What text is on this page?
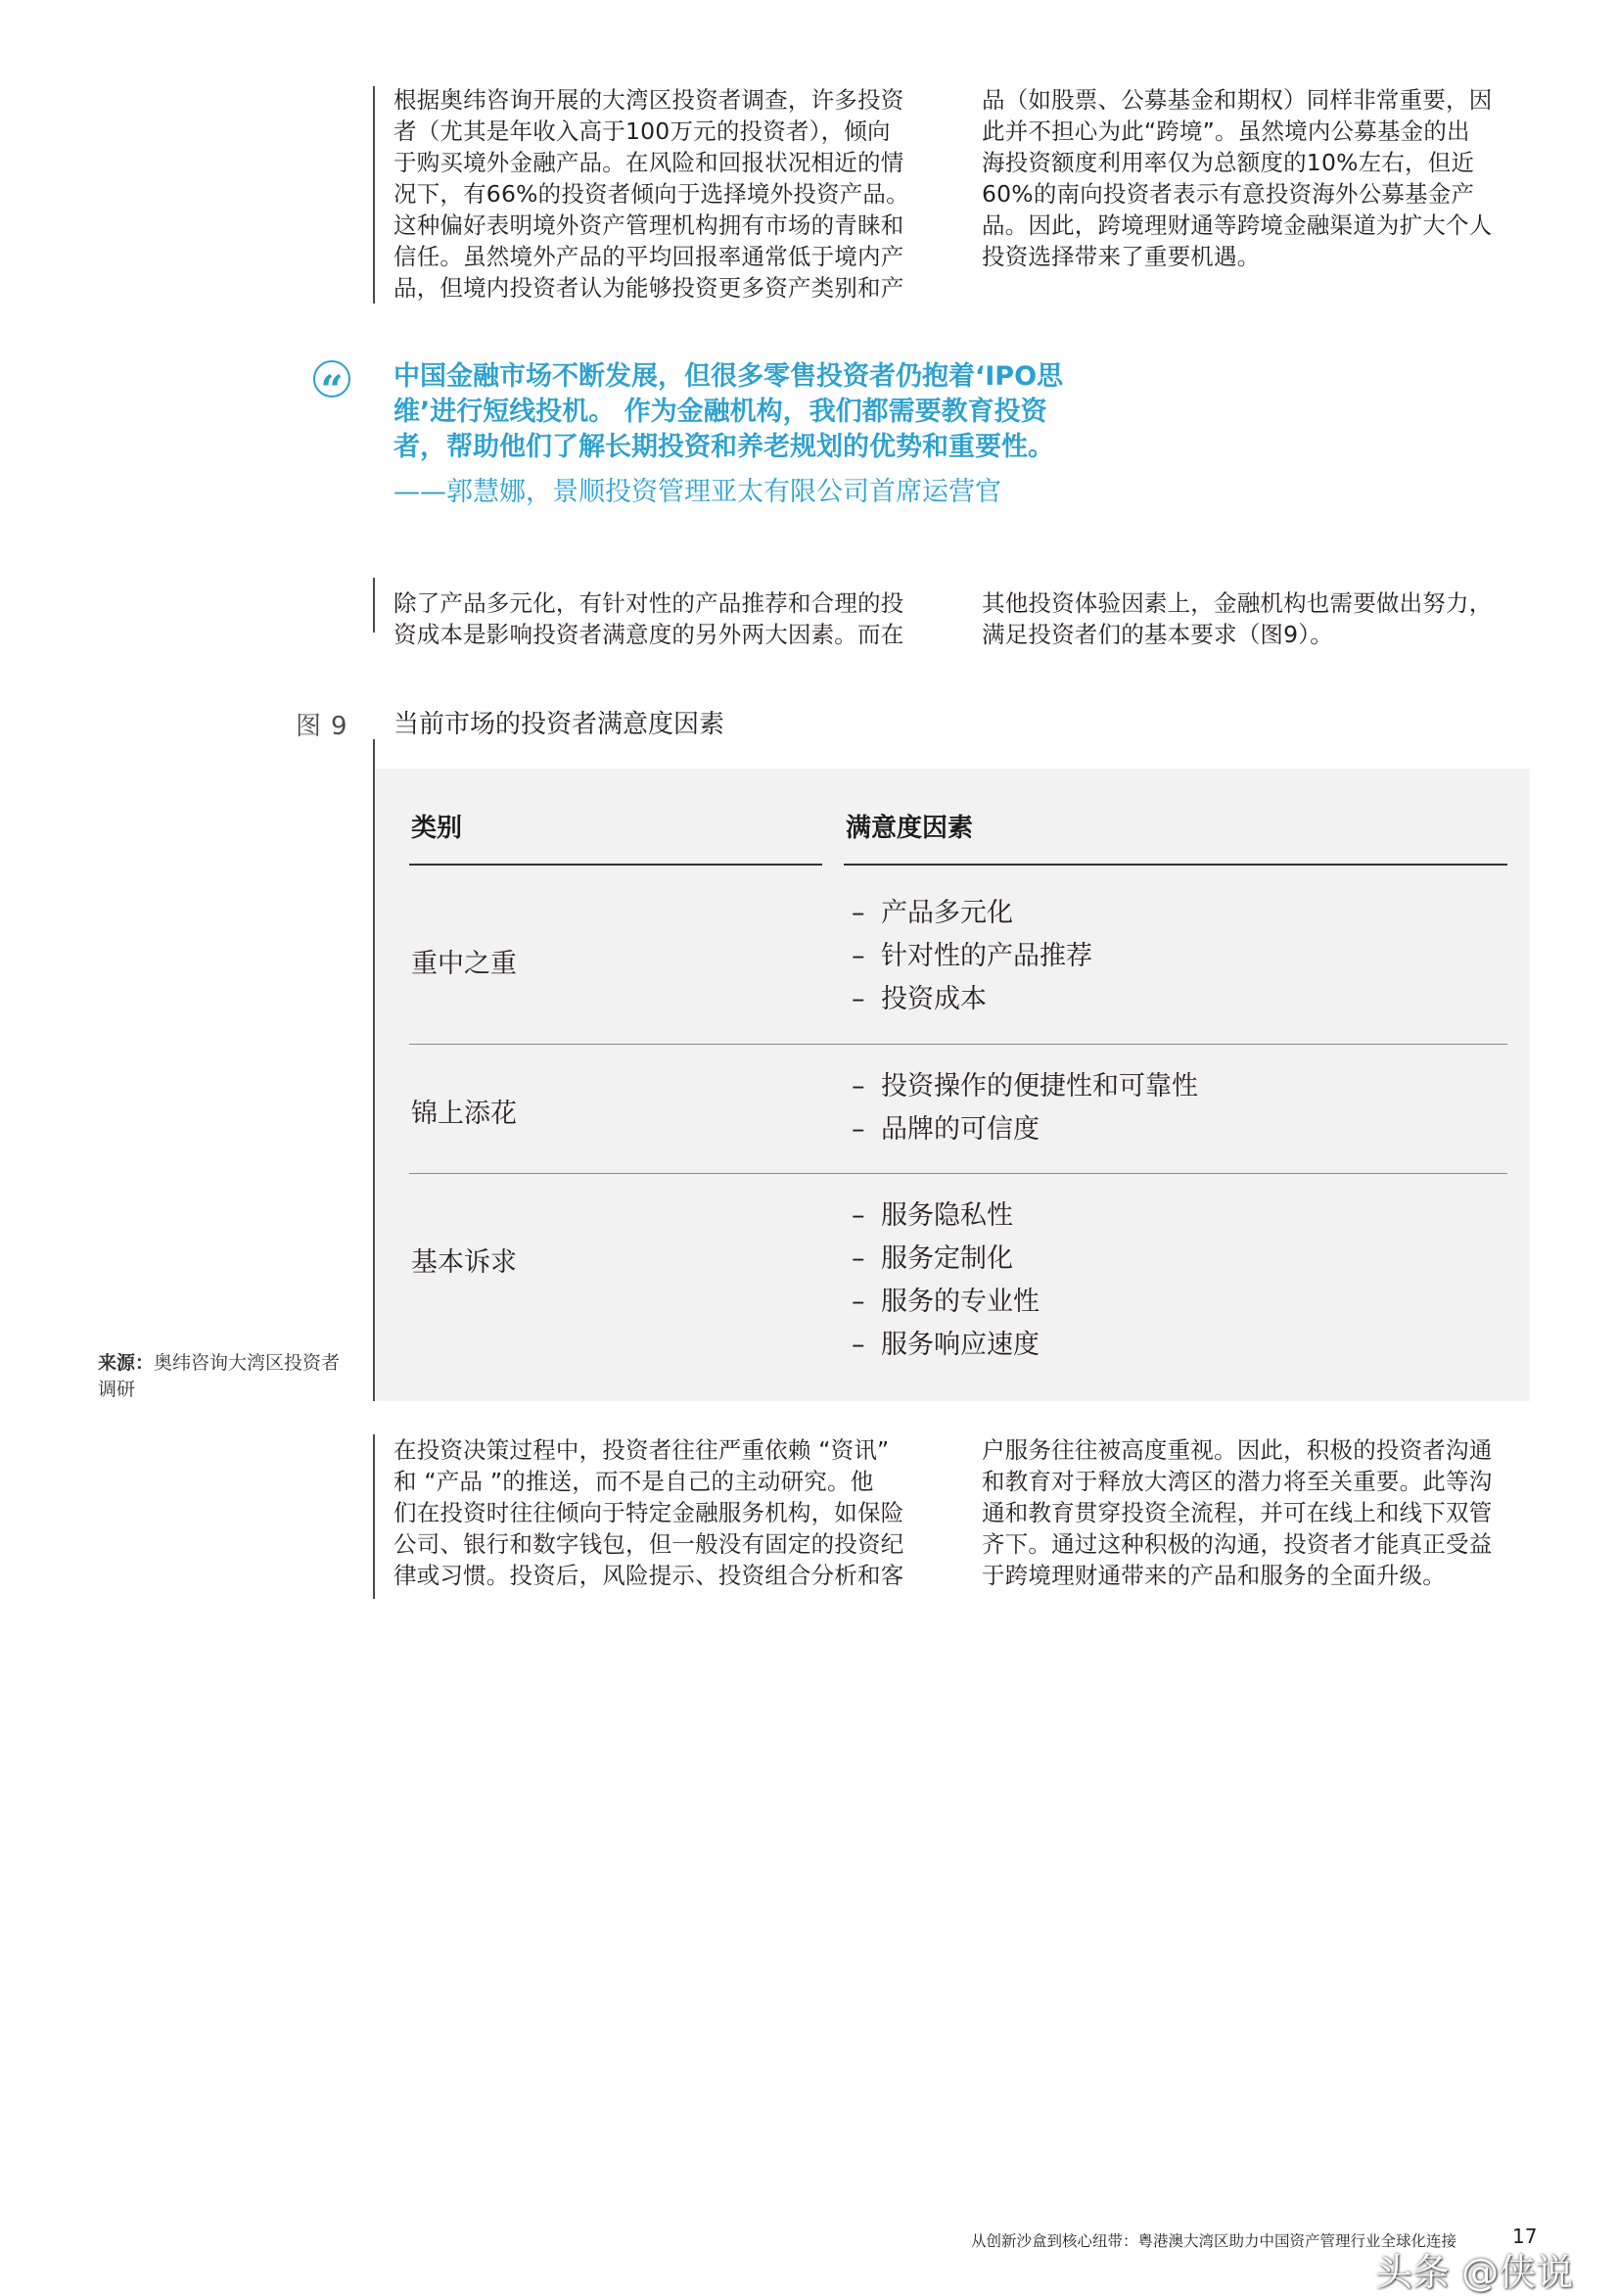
根据奥纬咨询开展的大湾区投资者调查，许多投资
者（尤其是年收入高于100万元的投资者），倾向
于购买境外金融产品。在风险和回报状况相近的情
况下，有66%的投资者倾向于选择境外投资产品。
这种偏好表明境外资产管理机构拥有市场的青睐和
信任。虽然境外产品的平均回报率通常低于境内产
品，但境内投资者认为能够投资更多资产类别和产

品（如股票、公募基金和期权）同样非常重要，因
此并不担心为此“跨境”。虽然境内公募基金的出
海投资额度利用率仅为总额度的10%左右，但近
60%的南向投资者表示有意投资海外公募基金产
品。因此，跨境理财通等跨境金融渠道为扩大个人
投资选择带来了重要机遇。

“ 中国金融市场不断发展，但很多零售投资者仍抱着‘IPO思
维’进行短线投机。 作为金融机构，我们都需要教育投资
者，帮助他们了解长期投资和养老规划的优势和重要性。

——郭慧娜，景顺投资管理亚太有限公司首席运营官

除了产品多元化，有针对性的产品推荐和合理的投
资成本是影响投资者满意度的另外两大因素。而在

其他投资体验因素上，金融机构也需要做出努力，
满足投资者们的基本要求（图9）。

图9 当前市场的投资者满意度因素
类别	满意度因素
重中之重
– 产品多元化
– 针对性的产品推荐
– 投资成本
锦上添花
– 投资操作的便捷性和可靠性
– 品牌的可信度
基本诉求
– 服务隐私性
– 服务定制化
– 服务的专业性
– 服务响应速度

来源：奥纬咨询大湾区投资者调研

在投资决策过程中，投资者往往严重依赖 “资讯”
和 “产品 ”的推送，而不是自己的主动研究。他
们在投资时往往倾向于特定金融服务机构，如保险
公司、银行和数字钱包，但一般没有固定的投资纪
律或习惯。投资后，风险提示、投资组合分析和客

户服务往往被高度重视。因此，积极的投资者沟通
和教育对于释放大湾区的潜力将至关重要。此等沟
通和教育贯穿投资全流程，并可在线上和线下双管
齐下。通过这种积极的沟通，投资者才能真正受益
于跨境理财通带来的产品和服务的全面升级。

从创新沙盒到核心纽带：粤港澳大湾区助力中国资产管理行业全球化连接	17
头条 @侠说
